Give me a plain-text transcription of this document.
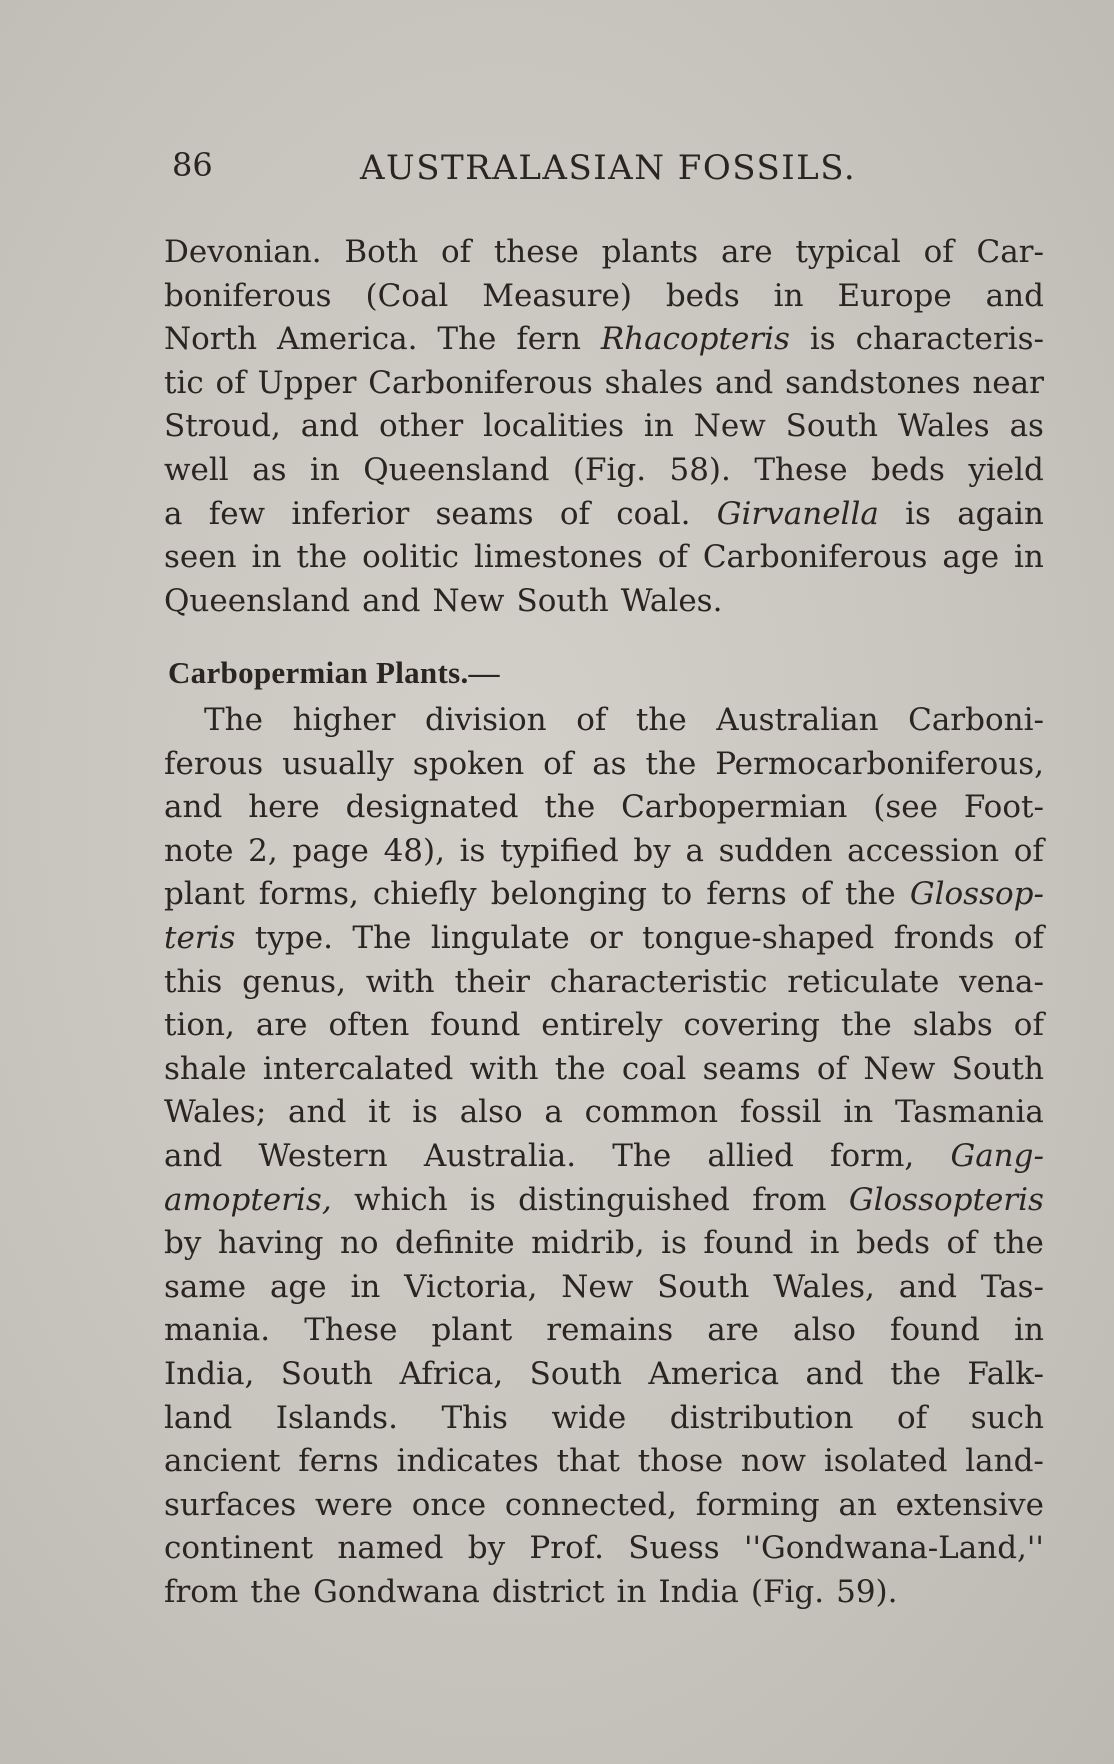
86	AUSTRALASIAN FOSSILS.
Devonian. Both of these plants are typical of Car-
boniferous (Coal Measure) beds in Europe and
North America. The fern Rhacopteris is characteris-
tic of Upper Carboniferous shales and sandstones near
Stroud, and other localities in New South Wales as
well as in Queensland (Fig. 58). These beds yield
a few inferior seams of coal. Girvanella is again
seen in the oolitic limestones of Carboniferous age in
Queensland and New South Wales.
Carbopermian Plants.—
The higher division of the Australian Carboni-
ferous usually spoken of as the Permocarboniferous,
and here designated the Carbopermian (see Foot-
note 2, page 48), is typified by a sudden accession of
plant forms, chiefly belonging to ferns of the Glossop-
teris type. The lingulate or tongue-shaped fronds of
this genus, with their characteristic reticulate vena-
tion, are often found entirely covering the slabs of
shale intercalated with the coal seams of New South
Wales; and it is also a common fossil in Tasmania
and Western Australia. The allied form, Gang-
amopteris, which is distinguished from Glossopteris
by having no definite midrib, is found in beds of the
same age in Victoria, New South Wales, and Tas-
mania. These plant remains are also found in
India, South Africa, South America and the Falk-
land Islands. This wide distribution of such
ancient ferns indicates that those now isolated land-
surfaces were once connected, forming an extensive
continent named by Prof. Suess ''Gondwana-Land,''
from the Gondwana district in India (Fig. 59).
